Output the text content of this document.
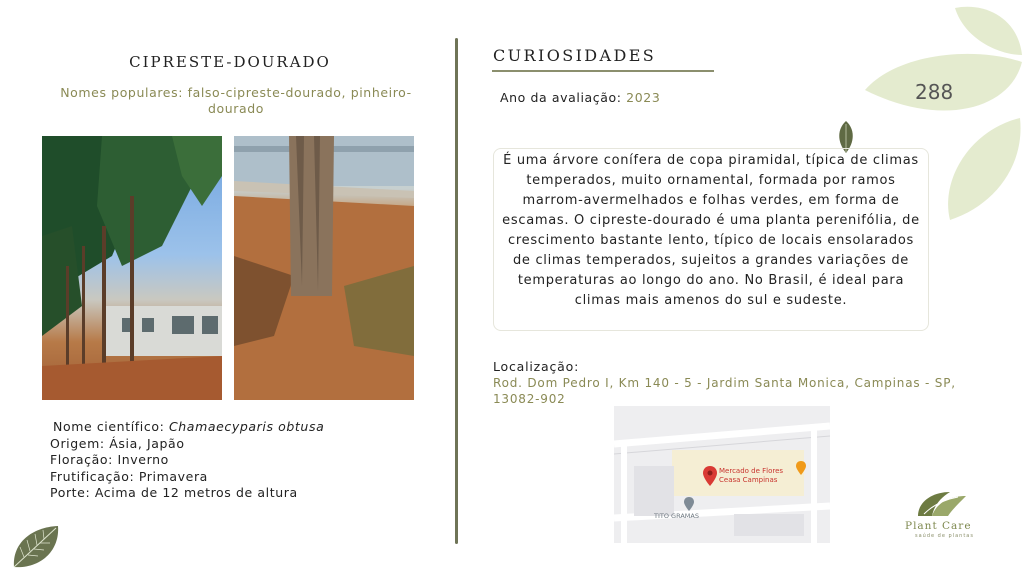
288
CIPRESTE-DOURADO
Nomes populares: falso-cipreste-dourado, pinheiro-dourado
Nome científico: Chamaecyparis obtusa
Origem: Ásia, Japão
Floração: Inverno
Frutificação: Primavera
Porte: Acima de 12 metros de altura
CURIOSIDADES
Ano da avaliação: 2023
É uma árvore conífera de copa piramidal, típica de climas temperados, muito ornamental, formada por ramos marrom-avermelhados e folhas verdes, em forma de escamas. O cipreste-dourado é uma planta perenifólia, de crescimento bastante lento, típico de locais ensolarados de climas temperados, sujeitos a grandes variações de temperaturas ao longo do ano. No Brasil, é ideal para climas mais amenos do sul e sudeste.
Localização:
Rod. Dom Pedro I, Km 140 - 5 - Jardim Santa Monica, Campinas - SP, 13082-902
Mercado de Flores
Ceasa Campinas
TITO GRAMAS
Plant Care
saúde de plantas
